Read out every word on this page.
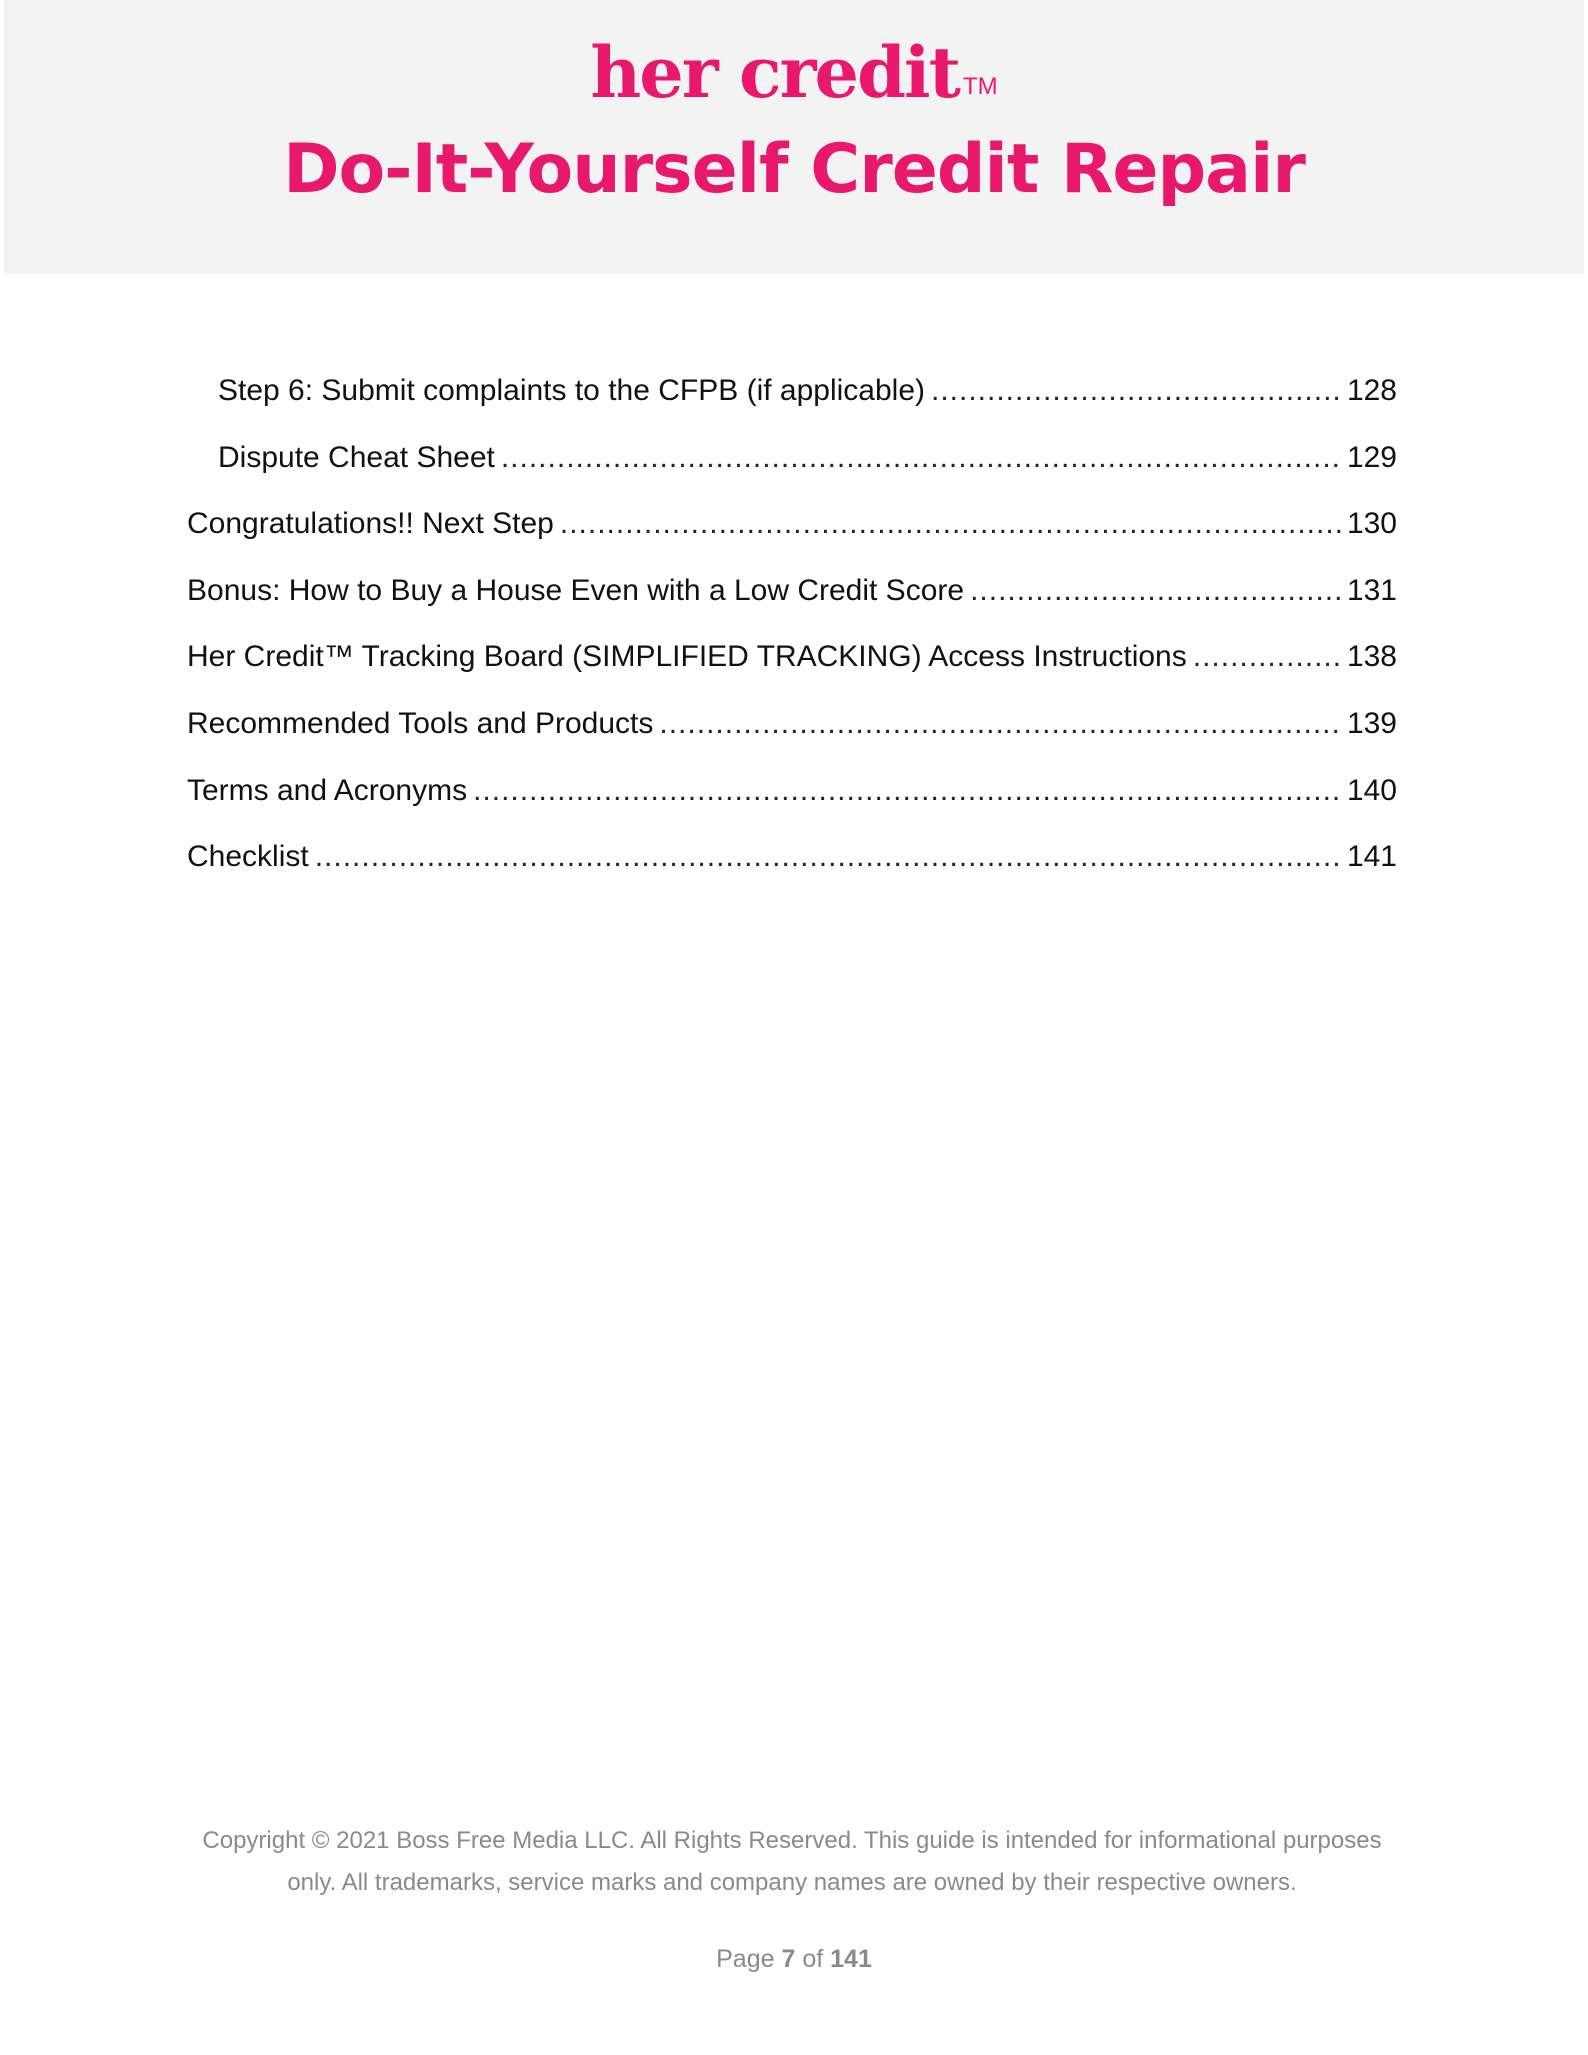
her credit ™
Do-It-Yourself Credit Repair
Step 6: Submit complaints to the CFPB (if applicable) .....	128
Dispute Cheat Sheet .....	129
Congratulations!! Next Step .....	130
Bonus: How to Buy a House Even with a Low Credit Score .....	131
Her Credit™ Tracking Board (SIMPLIFIED TRACKING) Access Instructions .....	138
Recommended Tools and Products .....	139
Terms and Acronyms .....	140
Checklist .....	141
Copyright © 2021 Boss Free Media LLC. All Rights Reserved. This guide is intended for informational purposes
only. All trademarks, service marks and company names are owned by their respective owners.
Page 7 of 141
